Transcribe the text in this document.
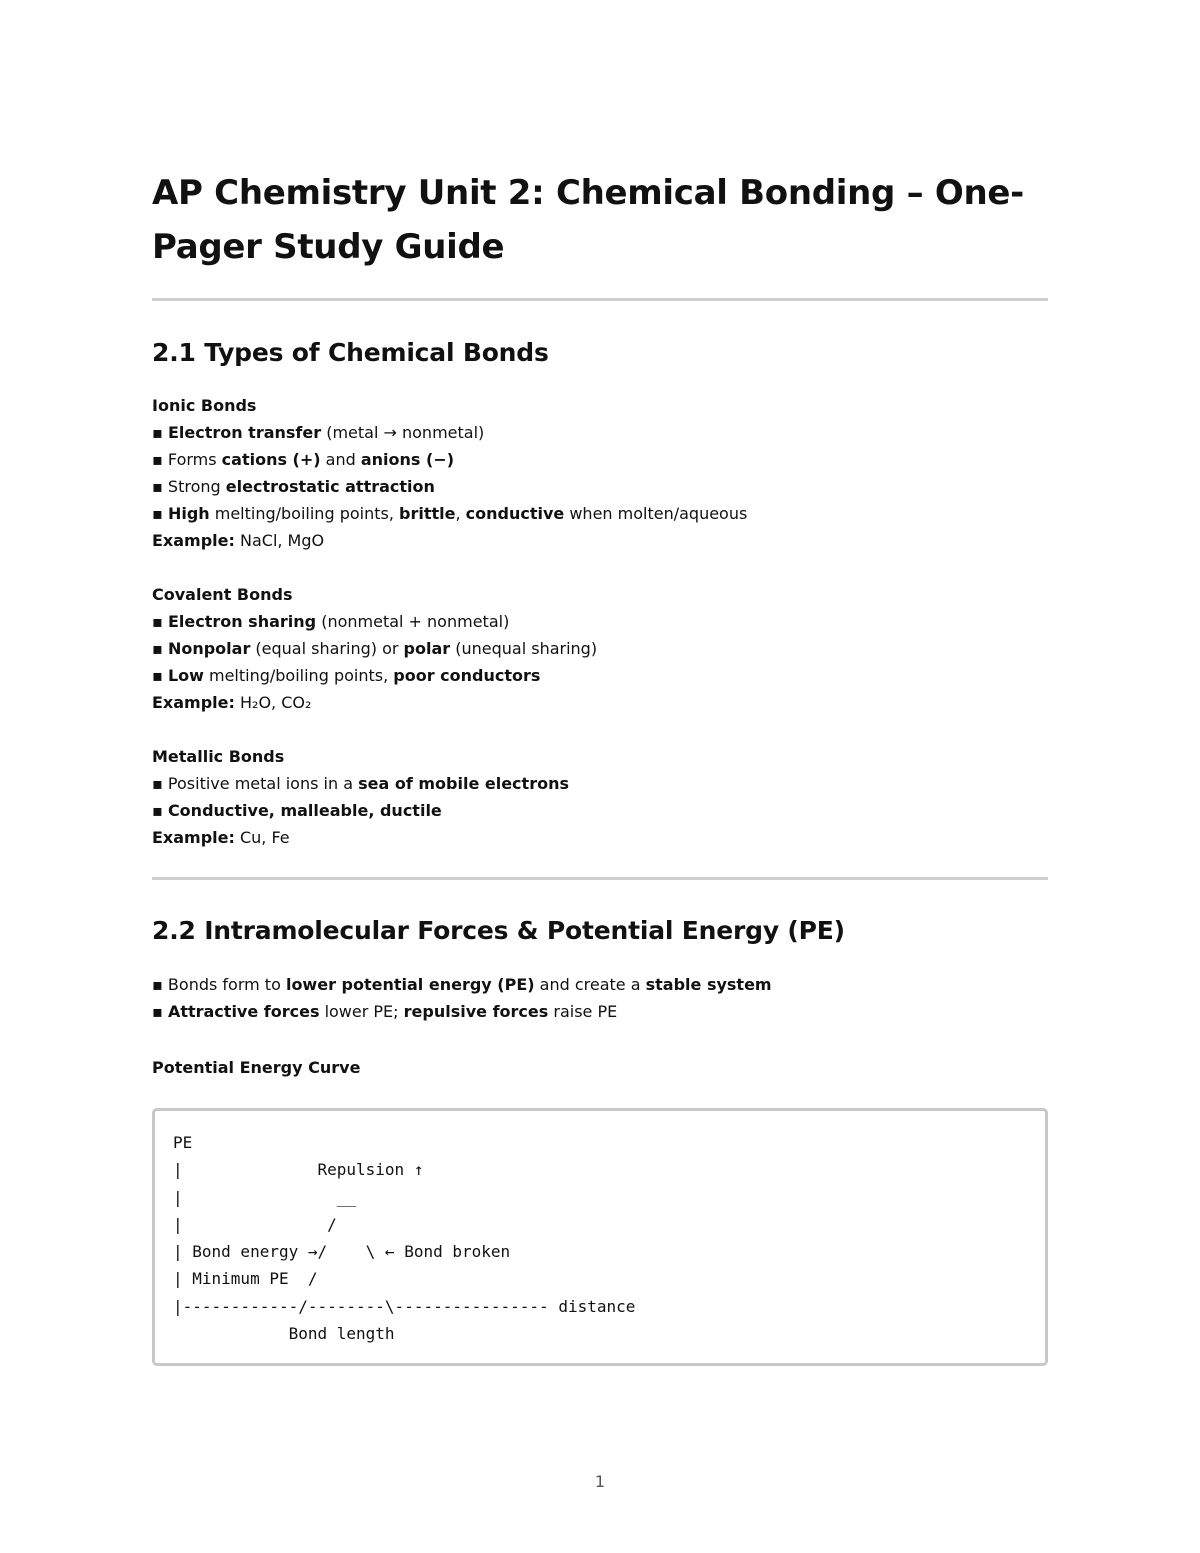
AP Chemistry Unit 2: Chemical Bonding – One-Pager Study Guide
2.1 Types of Chemical Bonds
Ionic Bonds
▪ Electron transfer (metal → nonmetal)
▪ Forms cations (+) and anions (−)
▪ Strong electrostatic attraction
▪ High melting/boiling points, brittle, conductive when molten/aqueous
Example: NaCl, MgO
Covalent Bonds
▪ Electron sharing (nonmetal + nonmetal)
▪ Nonpolar (equal sharing) or polar (unequal sharing)
▪ Low melting/boiling points, poor conductors
Example: H₂O, CO₂
Metallic Bonds
▪ Positive metal ions in a sea of mobile electrons
▪ Conductive, malleable, ductile
Example: Cu, Fe
2.2 Intramolecular Forces & Potential Energy (PE)
▪ Bonds form to lower potential energy (PE) and create a stable system
▪ Attractive forces lower PE; repulsive forces raise PE
Potential Energy Curve
PE
|              Repulsion ↑
|                __
|               /
| Bond energy →/    \ ← Bond broken
| Minimum PE  /
|------------/--------\---------------- distance
Bond length
1
